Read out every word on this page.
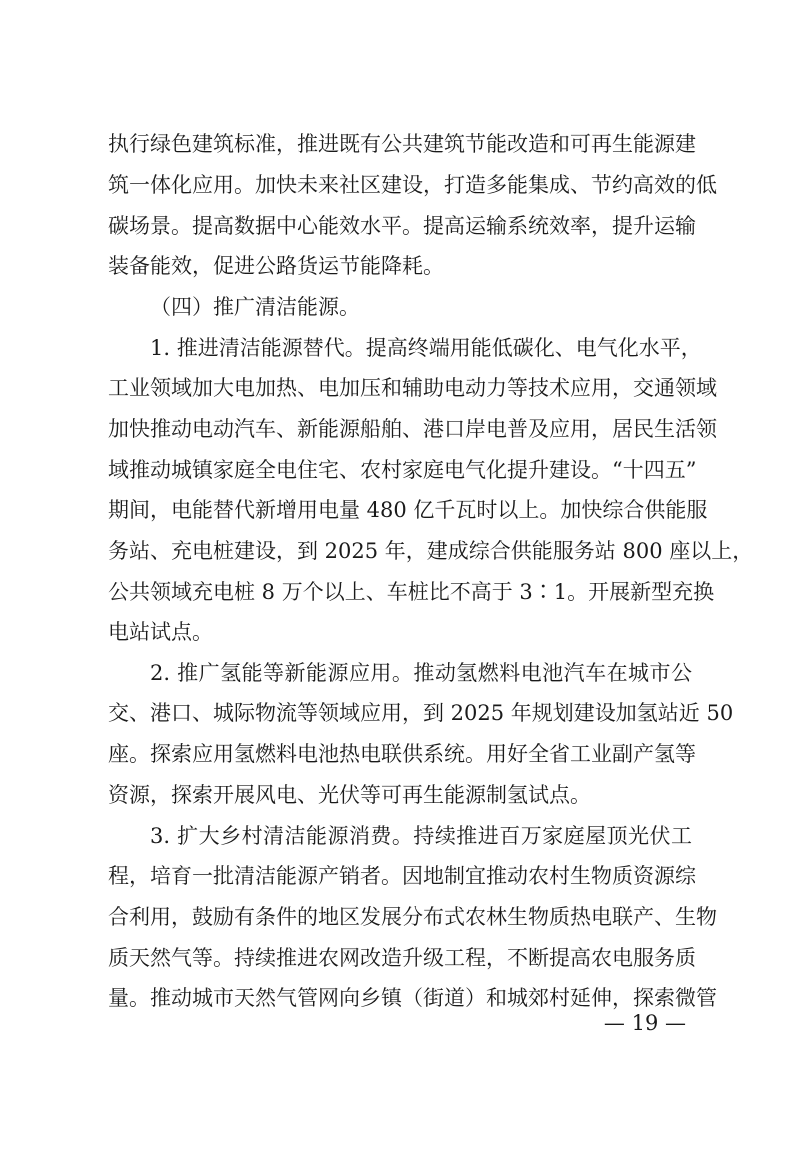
执行绿色建筑标准，推进既有公共建筑节能改造和可再生能源建
筑一体化应用。加快未来社区建设，打造多能集成、节约高效的低
碳场景。提高数据中心能效水平。提高运输系统效率，提升运输
装备能效，促进公路货运节能降耗。
（四）推广清洁能源。
1. 推进清洁能源替代。提高终端用能低碳化、电气化水平，
工业领域加大电加热、电加压和辅助电动力等技术应用，交通领域
加快推动电动汽车、新能源船舶、港口岸电普及应用，居民生活领
域推动城镇家庭全电住宅、农村家庭电气化提升建设。“十四五”
期间，电能替代新增用电量 480 亿千瓦时以上。加快综合供能服
务站、充电桩建设，到 2025 年，建成综合供能服务站 800 座以上，
公共领域充电桩 8 万个以上、车桩比不高于 3∶1。开展新型充换
电站试点。
2. 推广氢能等新能源应用。推动氢燃料电池汽车在城市公
交、港口、城际物流等领域应用，到 2025 年规划建设加氢站近 50
座。探索应用氢燃料电池热电联供系统。用好全省工业副产氢等
资源，探索开展风电、光伏等可再生能源制氢试点。
3. 扩大乡村清洁能源消费。持续推进百万家庭屋顶光伏工
程，培育一批清洁能源产销者。因地制宜推动农村生物质资源综
合利用，鼓励有条件的地区发展分布式农林生物质热电联产、生物
质天然气等。持续推进农网改造升级工程，不断提高农电服务质
量。推动城市天然气管网向乡镇（街道）和城郊村延伸，探索微管
— 19 —
